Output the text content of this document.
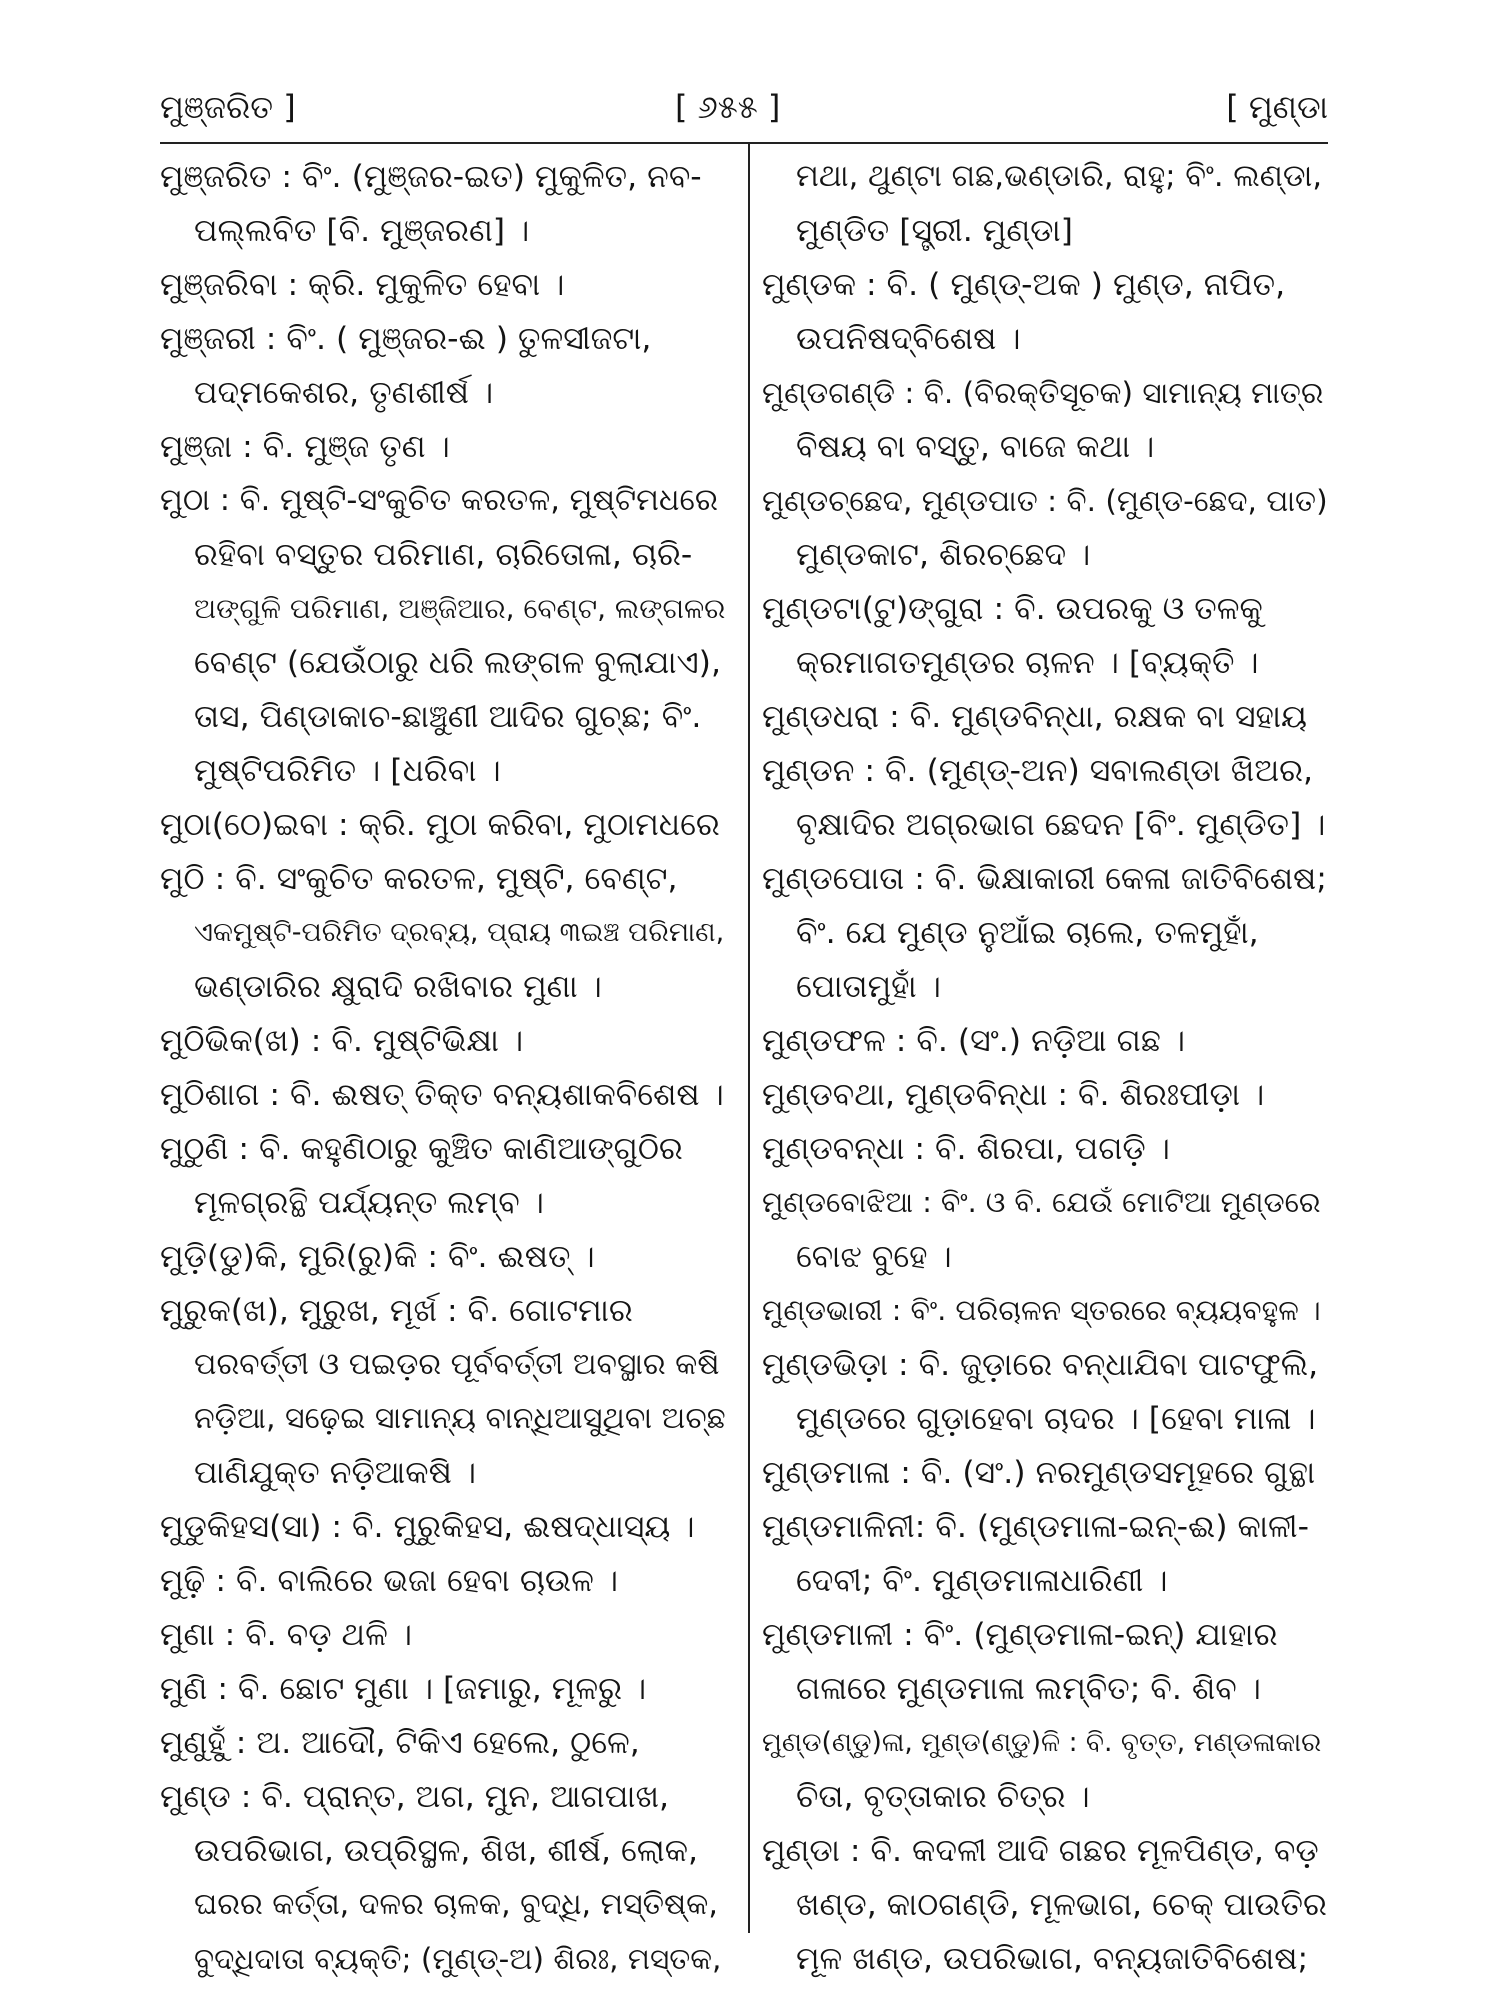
ମୁଞ୍ଜରିତ ]	[ ୬୫୫ ]	[ ମୁଣ୍ଡା
ମୁଞ୍ଜରିତ : ବିଂ. (ମୁଞ୍ଜର-ଇତ) ମୁକୁଳିତ, ନବ-
ପଲ୍ଲବିତ [ବି. ମୁଞ୍ଜରଣ] ।
ମୁଞ୍ଜରିବା : କ୍ରି. ମୁକୁଳିତ ହେବା ।
ମୁଞ୍ଜରୀ : ବିଂ. ( ମୁଞ୍ଜର-ଈ ) ତୁଳସୀଜଟା,
ପଦ୍ମକେଶର, ତୃଣଶୀର୍ଷ ।
ମୁଞ୍ଜା : ବି. ମୁଞ୍ଜ ତୃଣ ।
ମୁଠା : ବି. ମୁଷ୍ଟି-ସଂକୁଚିତ କରତଳ, ମୁଷ୍ଟିମଧରେ
ରହିବା ବସ୍ତୁର ପରିମାଣ, ଚାରିତୋଳା, ଚାରି-
ଅଙ୍ଗୁଳି ପରିମାଣ, ଅଞ୍ଜିଆର, ବେଣ୍ଟ, ଲଙ୍ଗଳର
ବେଣ୍ଟ (ଯେଉଁଠାରୁ ଧରି ଲଙ୍ଗଳ ବୁଲାଯାଏ),
ତାସ, ପିଣ୍ଡାକାଚ-ଛାଞ୍ଚୁଣୀ ଆଦିର ଗୁଚ୍ଛ; ବିଂ.
ମୁଷ୍ଟିପରିମିତ । [ଧରିବା ।
ମୁଠା(ଠେ)ଇବା : କ୍ରି. ମୁଠା କରିବା, ମୁଠାମଧରେ
ମୁଠି : ବି. ସଂକୁଚିତ କରତଳ, ମୁଷ୍ଟି, ବେଣ୍ଟ,
ଏକମୁଷ୍ଟି-ପରିମିତ ଦ୍ରବ୍ୟ, ପ୍ରାୟ ୩ଇଞ୍ଚ ପରିମାଣ,
ଭଣ୍ଡାରିର କ୍ଷୁରାଦି ରଖିବାର ମୁଣା ।
ମୁଠିଭିକ(ଖ) : ବି. ମୁଷ୍ଟିଭିକ୍ଷା ।
ମୁଠିଶାଗ : ବି. ଈଷତ୍ ତିକ୍ତ ବନ୍ୟଶାକବିଶେଷ ।
ମୁଠୁଣି : ବି. କହୁଣିଠାରୁ କୁଞ୍ଚିତ କାଣିଆଙ୍ଗୁଠିର
ମୂଳଗ୍ରନ୍ଥି ପର୍ଯ୍ୟନ୍ତ ଲମ୍ବ ।
ମୁଡ଼ି(ଡୁ)କି, ମୁରି(ରୁ)କି : ବିଂ. ଈଷତ୍ ।
ମୁରୁକ(ଖ), ମୁରୁଖ, ମୂର୍ଖ : ବି. ଗୋଟମାର
ପରବର୍ତ୍ତୀ ଓ ପଇଡ଼ର ପୂର୍ବବର୍ତ୍ତୀ ଅବସ୍ଥାର କଷି
ନଡ଼ିଆ, ସଢ଼େଇ ସାମାନ୍ୟ ବାନ୍ଧିଆସୁଥିବା ଅଚ୍ଛ
ପାଣିଯୁକ୍ତ ନଡ଼ିଆକଷି ।
ମୁଡୁକିହସ(ସା) : ବି. ମୁରୁକିହସ, ଈଷଦ୍ଧାସ୍ୟ ।
ମୁଢ଼ି : ବି. ବାଲିରେ ଭଜା ହେବା ଚାଉଳ ।
ମୁଣା : ବି. ବଡ଼ ଥଳି ।
ମୁଣି : ବି. ଛୋଟ ମୁଣା । [ଜମାରୁ, ମୂଳରୁ ।
ମୁଣୁହୁଁ : ଅ. ଆଦୌ, ଟିକିଏ ହେଲେ, ଠୁଳେ,
ମୁଣ୍ଡ : ବି. ପ୍ରାନ୍ତ, ଅଗ, ମୁନ, ଆଗପାଖ,
ଉପରିଭାଗ, ଉପ୍ରିସ୍ଥଳ, ଶିଖ, ଶୀର୍ଷ, ଲୋକ,
ଘରର କର୍ତ୍ତା, ଦଳର ଚାଳକ, ବୁଦ୍ଧି, ମସ୍ତିଷ୍କ,
ବୁଦ୍ଧିଦାତା ବ୍ୟକ୍ତି; (ମୁଣ୍ଡ୍-ଅ) ଶିରଃ, ମସ୍ତକ,
ମଥା, ଥୁଣ୍ଟା ଗଛ,ଭଣ୍ଡାରି, ରାହୁ; ବିଂ. ଲଣ୍ଡା,
ମୁଣ୍ଡିତ [ସ୍ତ୍ରୀ. ମୁଣ୍ଡା]
ମୁଣ୍ଡକ : ବି. ( ମୁଣ୍ଡ୍-ଅକ ) ମୁଣ୍ଡ, ନାପିତ,
ଉପନିଷଦ୍‌ବିଶେଷ ।
ମୁଣ୍ଡଗଣ୍ଡି : ବି. (ବିରକ୍ତିସୂଚକ) ସାମାନ୍ୟ ମାତ୍ର
ବିଷୟ ବା ବସ୍ତୁ, ବାଜେ କଥା ।
ମୁଣ୍ଡଚ୍ଛେଦ, ମୁଣ୍ଡପାତ : ବି. (ମୁଣ୍ଡ-ଛେଦ, ପାତ)
ମୁଣ୍ଡକାଟ, ଶିରଚ୍ଛେଦ ।
ମୁଣ୍ଡଟା(ଟୁ)ଙ୍ଗୁରା : ବି. ଉପରକୁ ଓ ତଳକୁ
କ୍ରମାଗତମୁଣ୍ଡର ଚାଳନ । [ବ୍ୟକ୍ତି ।
ମୁଣ୍ଡଧରା : ବି. ମୁଣ୍ଡବିନ୍ଧା, ରକ୍ଷକ ବା ସହାୟ
ମୁଣ୍ଡନ : ବି. (ମୁଣ୍ଡ୍-ଅନ) ସବାଲଣ୍ଡା ଖିଅର,
ବୃକ୍ଷାଦିର ଅଗ୍ରଭାଗ ଛେଦନ [ବିଂ. ମୁଣ୍ଡିତ] ।
ମୁଣ୍ଡପୋତା : ବି. ଭିକ୍ଷାକାରୀ କେଳା ଜାତିବିଶେଷ;
ବିଂ. ଯେ ମୁଣ୍ଡ ନୁଆଁଇ ଚାଲେ, ତଳମୁହାଁ,
ପୋତାମୁହାଁ ।
ମୁଣ୍ଡଫଳ : ବି. (ସଂ.) ନଡ଼ିଆ ଗଛ ।
ମୁଣ୍ଡବଥା, ମୁଣ୍ଡବିନ୍ଧା : ବି. ଶିରଃପୀଡ଼ା ।
ମୁଣ୍ଡବନ୍ଧା : ବି. ଶିରପା, ପଗଡ଼ି ।
ମୁଣ୍ଡବୋଝିଆ : ବିଂ. ଓ ବି. ଯେଉଁ ମୋଟିଆ ମୁଣ୍ଡରେ
ବୋଝ ବୁହେ ।
ମୁଣ୍ଡଭାରୀ : ବିଂ. ପରିଚାଳନ ସ୍ତରରେ ବ୍ୟୟବହୁଳ ।
ମୁଣ୍ଡଭିଡ଼ା : ବି. ଜୁଡ଼ାରେ ବନ୍ଧାଯିବା ପାଟଫୁଲି,
ମୁଣ୍ଡରେ ଗୁଡ଼ାହେବା ଚାଦର । [ହେବା ମାଳା ।
ମୁଣ୍ଡମାଳା : ବି. (ସଂ.) ନରମୁଣ୍ଡସମୂହରେ ଗୁନ୍ଥା
ମୁଣ୍ଡମାଳିନୀ: ବି. (ମୁଣ୍ଡମାଳା-ଇନ୍-ଈ) କାଳୀ-
ଦେବୀ; ବିଂ. ମୁଣ୍ଡମାଳାଧାରିଣୀ ।
ମୁଣ୍ଡମାଳୀ : ବିଂ. (ମୁଣ୍ଡମାଳା-ଇନ୍) ଯାହାର
ଗଳାରେ ମୁଣ୍ଡମାଳା ଲମ୍ବିତ; ବି. ଶିବ ।
ମୁଣ୍ଡ(ଣ୍ଡୁ)ଳା, ମୁଣ୍ଡ(ଣ୍ଡୁ)ଳି : ବି. ବୃତ୍ତ, ମଣ୍ଡଳାକାର
ଚିତା, ବୃତ୍ତାକାର ଚିତ୍ର ।
ମୁଣ୍ଡା : ବି. କଦଳୀ ଆଦି ଗଛର ମୂଳପିଣ୍ଡ, ବଡ଼
ଖଣ୍ଡ, କାଠଗଣ୍ଡି, ମୂଳଭାଗ, ଚେକ୍ ପାଉତିର
ମୂଳ ଖଣ୍ଡ, ଉପରିଭାଗ, ବନ୍ୟଜାତିବିଶେଷ;
